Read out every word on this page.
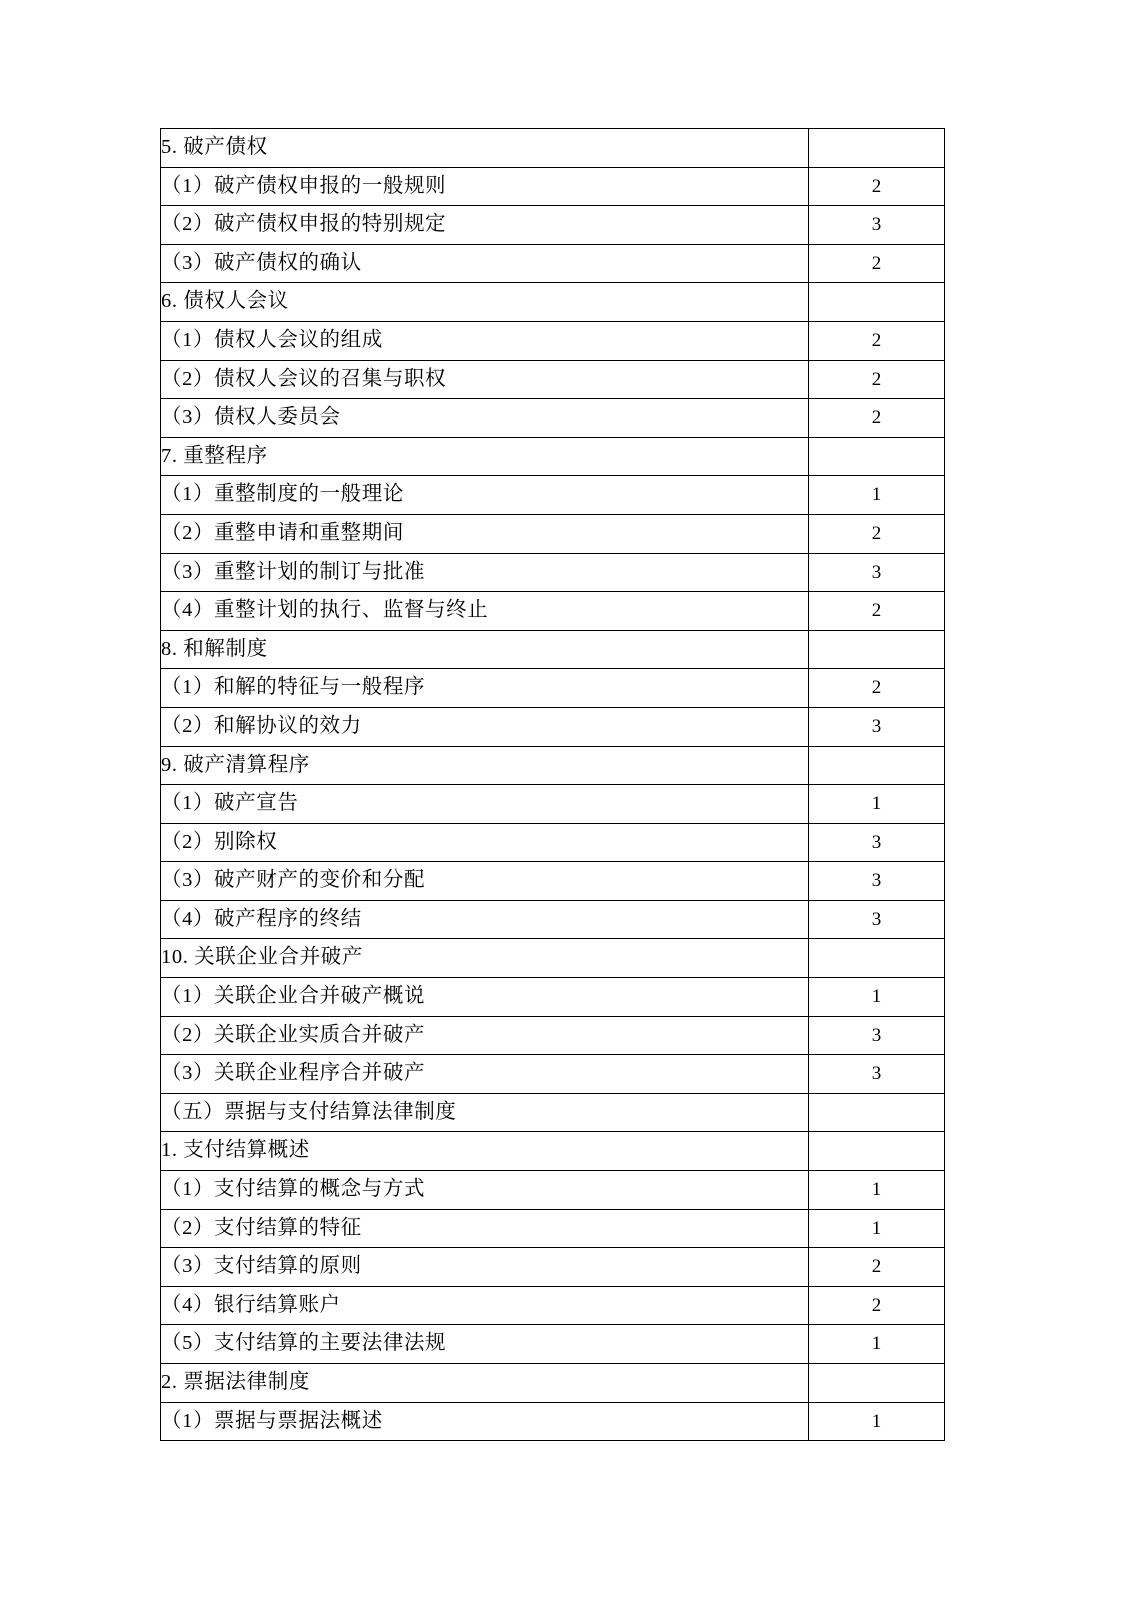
5. 破产债权	
（1）破产债权申报的一般规则	2
（2）破产债权申报的特别规定	3
（3）破产债权的确认	2
6. 债权人会议	
（1）债权人会议的组成	2
（2）债权人会议的召集与职权	2
（3）债权人委员会	2
7. 重整程序	
（1）重整制度的一般理论	1
（2）重整申请和重整期间	2
（3）重整计划的制订与批准	3
（4）重整计划的执行、监督与终止	2
8. 和解制度	
（1）和解的特征与一般程序	2
（2）和解协议的效力	3
9. 破产清算程序	
（1）破产宣告	1
（2）别除权	3
（3）破产财产的变价和分配	3
（4）破产程序的终结	3
10. 关联企业合并破产	
（1）关联企业合并破产概说	1
（2）关联企业实质合并破产	3
（3）关联企业程序合并破产	3
（五）票据与支付结算法律制度	
1. 支付结算概述	
（1）支付结算的概念与方式	1
（2）支付结算的特征	1
（3）支付结算的原则	2
（4）银行结算账户	2
（5）支付结算的主要法律法规	1
2. 票据法律制度	
（1）票据与票据法概述	1
